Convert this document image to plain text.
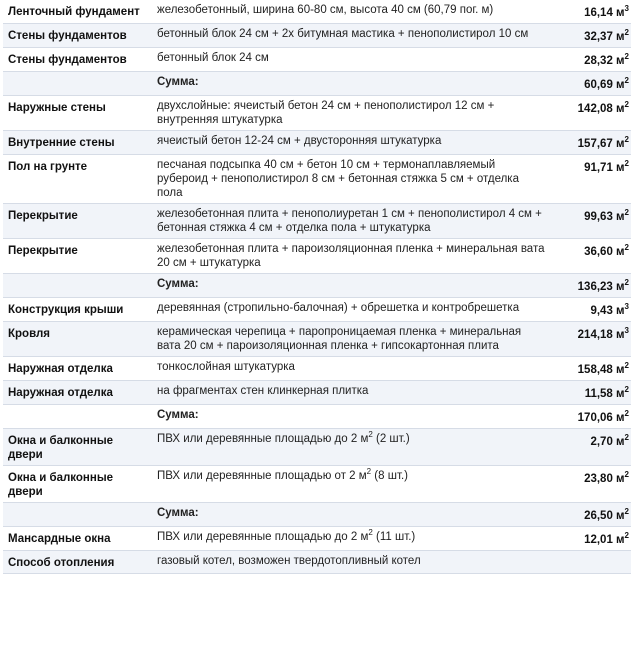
Ленточный фундамент	железобетонный, ширина 60-80 см, высота 40 см (60,79 пог. м)	16,14 $м^3$
Стены фундаментов	бетонный блок 24 см + 2х битумная мастика + пенополистирол 10 см	32,37 $м^2$
Стены фундаментов	бетонный блок 24 см	28,32 $м^2$
	Сумма:	60,69 $м^2$
Наружные стены	двухслойные: ячеистый бетон 24 см + пенополистирол 12 см + внутренняя штукатурка	142,08 $м^2$
Внутренние стены	ячеистый бетон 12-24 см + двусторонняя штукатурка	157,67 $м^2$
Пол на грунте	песчаная подсыпка 40 см + бетон 10 см + термонаплавляемый рубероид + пенополистирол 8 см + бетонная стяжка 5 см + отделка пола	91,71 $м^2$
Перекрытие	железобетонная плита + пенополиуретан 1 см + пенополистирол 4 см + бетонная стяжка 4 см + отделка пола + штукатурка	99,63 $м^2$
Перекрытие	железобетонная плита + пароизоляционная пленка + минеральная вата 20 см + штукатурка	36,60 $м^2$
	Сумма:	136,23 $м^2$
Конструкция крыши	деревянная (стропильно-балочная) + обрешетка и контробрешетка	9,43 $м^3$
Кровля	керамическая черепица + паропроницаемая пленка + минеральная вата 20 см + пароизоляционная пленка + гипсокартонная плита	214,18 $м^3$
Наружная отделка	тонкослойная штукатурка	158,48 $м^2$
Наружная отделка	на фрагментах стен клинкерная плитка	11,58 $м^2$
	Сумма:	170,06 $м^2$
Окна и балконные двери	ПВХ или деревянные площадью до 2 $м^2$ (2 шт.)	2,70 $м^2$
Окна и балконные двери	ПВХ или деревянные площадью от 2 $м^2$ (8 шт.)	23,80 $м^2$
	Сумма:	26,50 $м^2$
Мансардные окна	ПВХ или деревянные площадью до 2 $м^2$ (11 шт.)	12,01 $м^2$
Способ отопления	газовый котел, возможен твердотопливный котел	
